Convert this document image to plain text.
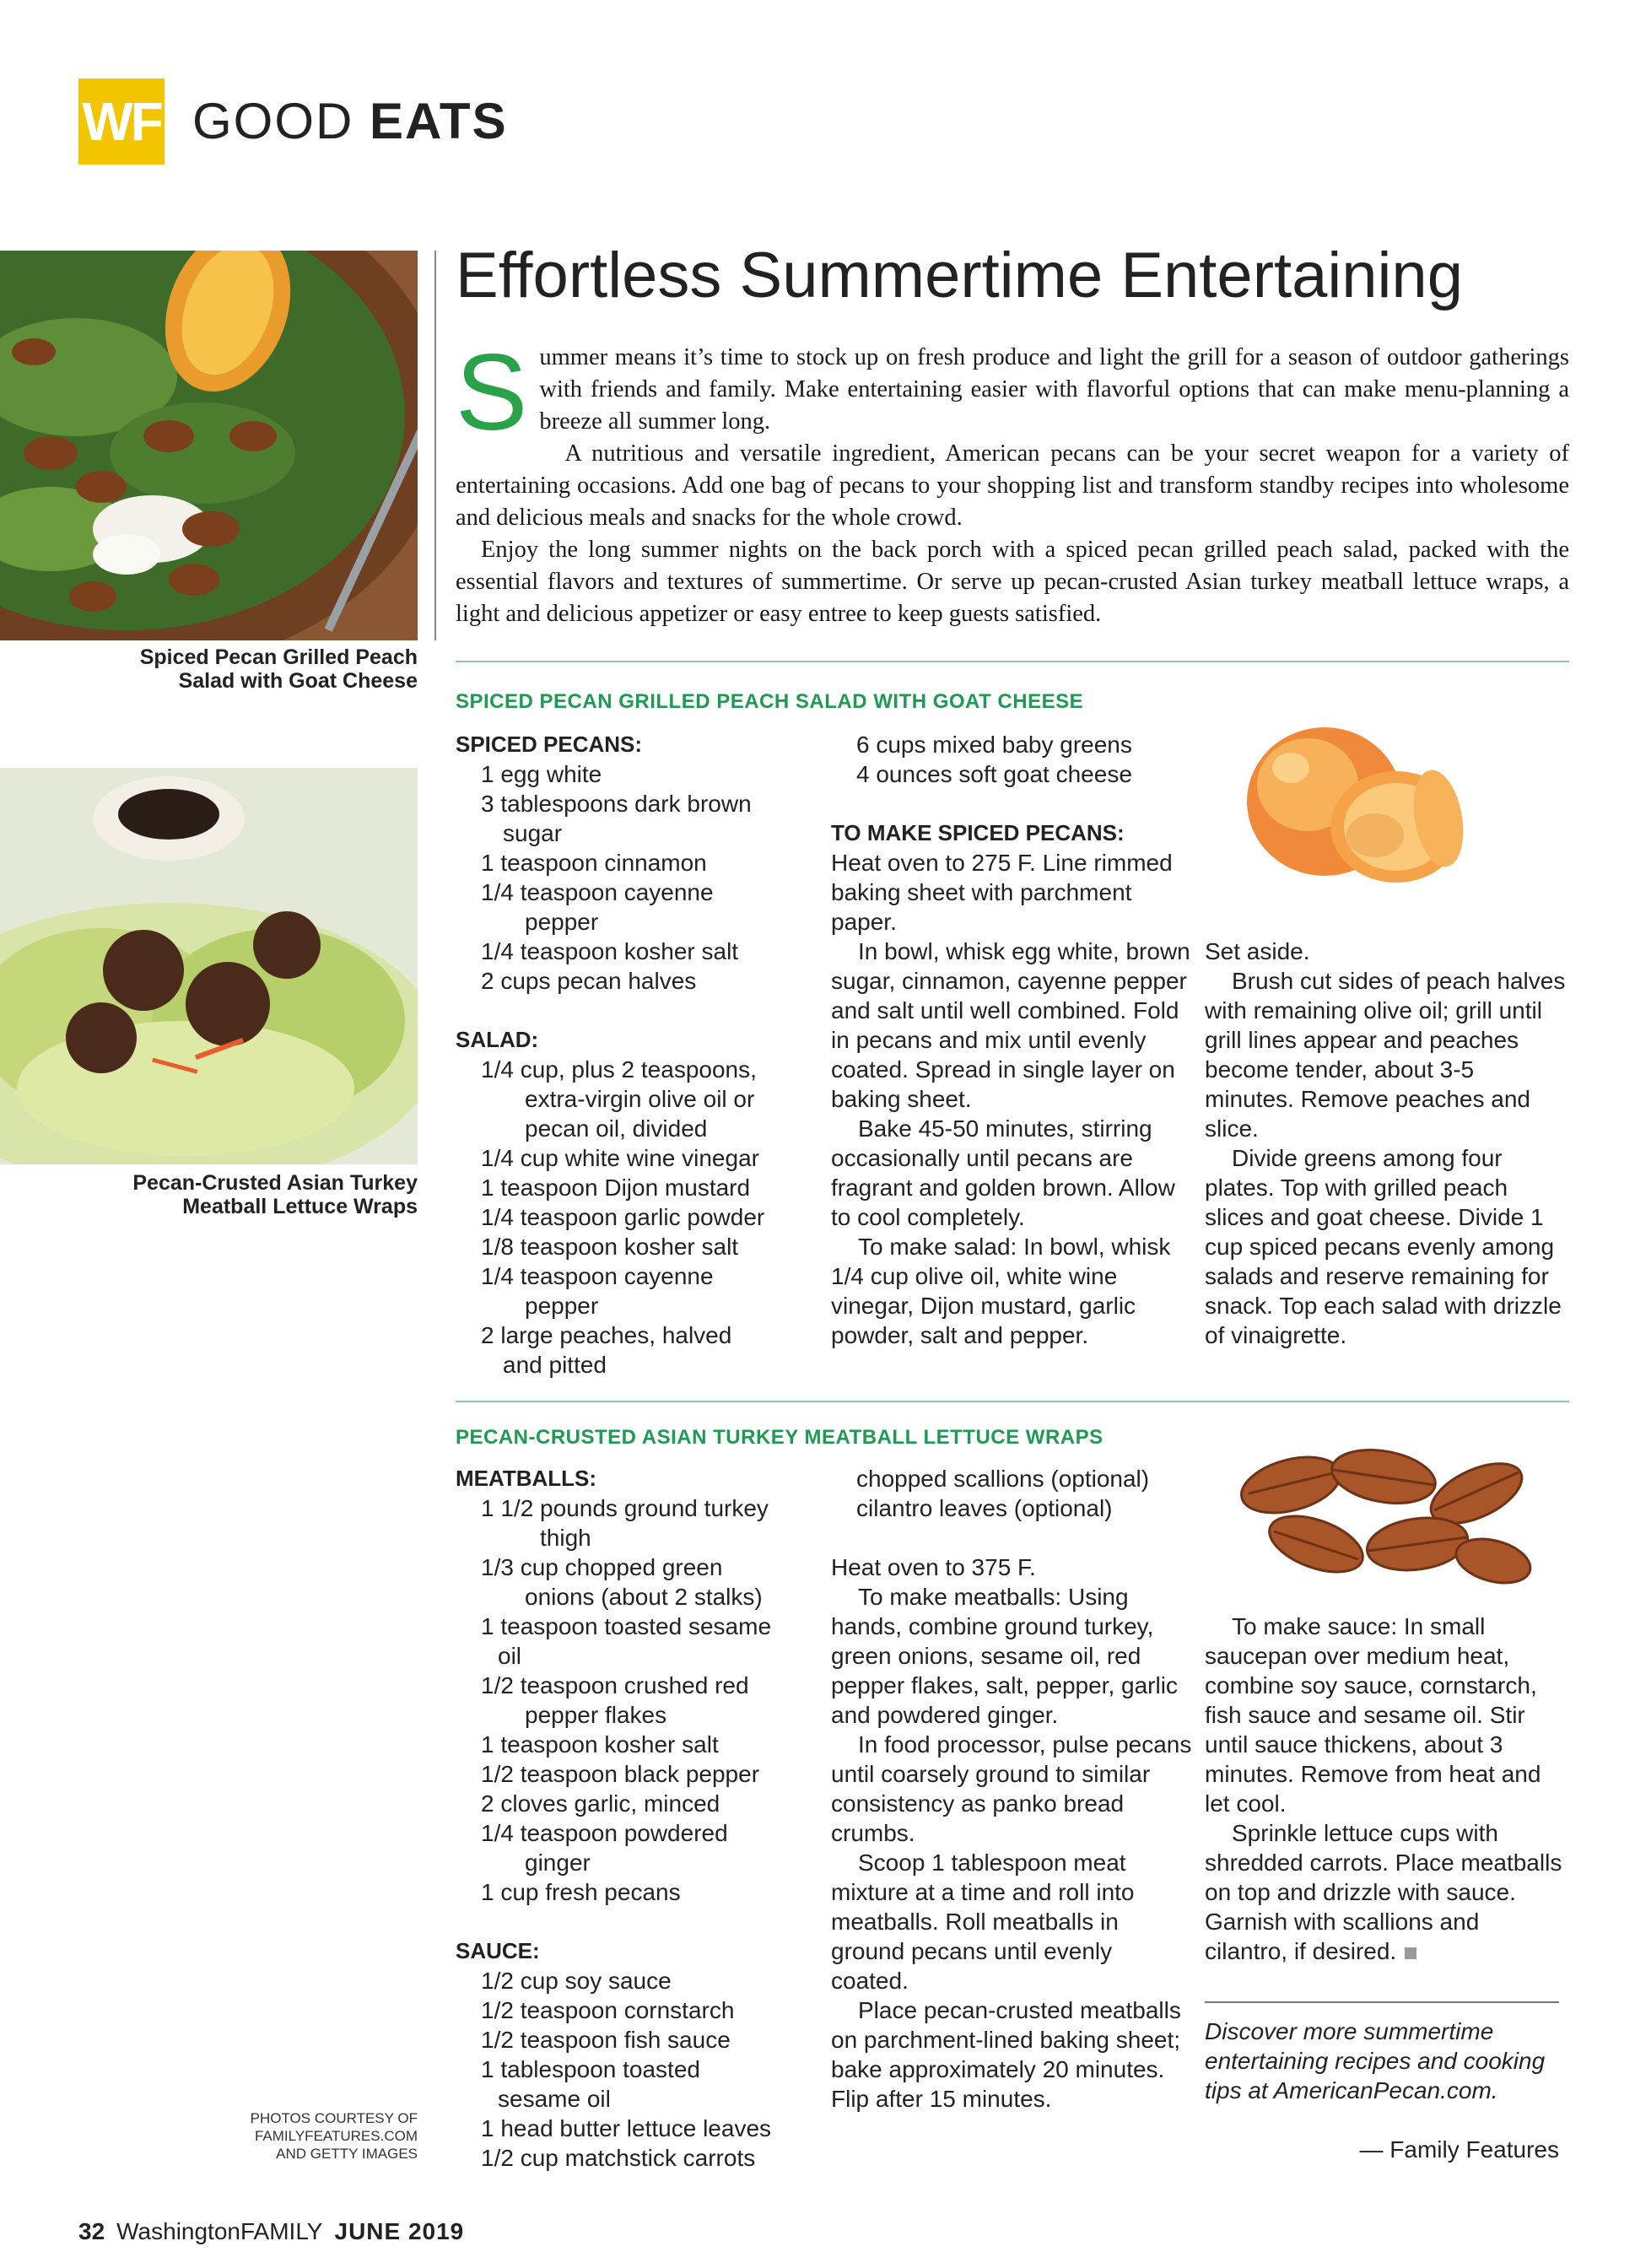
WF GOOD EATS
Spiced Pecan Grilled Peach
Salad with Goat Cheese
Pecan-Crusted Asian Turkey
Meatball Lettuce Wraps
PHOTOS COURTESY OF
FAMILYFEATURES.COM
AND GETTY IMAGES
Effortless Summertime Entertaining

Summer means it’s time to stock up on fresh produce and light the grill for a season of outdoor gatherings with friends and family. Make entertaining easier with flavorful options that can make menu-planning a breeze all summer long.

A nutritious and versatile ingredient, American pecans can be your secret weapon for a variety of entertaining occasions. Add one bag of pecans to your shopping list and transform standby recipes into wholesome and delicious meals and snacks for the whole crowd.

Enjoy the long summer nights on the back porch with a spiced pecan grilled peach salad, packed with the essential flavors and textures of summertime. Or serve up pecan-crusted Asian turkey meatball lettuce wraps, a light and delicious appetizer or easy entree to keep guests satisfied.

SPICED PECAN GRILLED PEACH SALAD WITH GOAT CHEESE
SPICED PECANS:
1 egg white
3 tablespoons dark brown
sugar
1 teaspoon cinnamon
1/4 teaspoon cayenne
pepper
1/4 teaspoon kosher salt
2 cups pecan halves
SALAD:
1/4 cup, plus 2 teaspoons,
extra-virgin olive oil or
pecan oil, divided
1/4 cup white wine vinegar
1 teaspoon Dijon mustard
1/4 teaspoon garlic powder
1/8 teaspoon kosher salt
1/4 teaspoon cayenne
pepper
2 large peaches, halved
and pitted
6 cups mixed baby greens
4 ounces soft goat cheese
TO MAKE SPICED PECANS:

Heat oven to 275 F. Line rimmed baking sheet with parchment paper.

In bowl, whisk egg white, brown sugar, cinnamon, cayenne pepper and salt until well combined. Fold in pecans and mix until evenly coated. Spread in single layer on baking sheet.

Bake 45-50 minutes, stirring occasionally until pecans are fragrant and golden brown. Allow to cool completely.

To make salad: In bowl, whisk 1/4 cup olive oil, white wine vinegar, Dijon mustard, garlic powder, salt and pepper.

Set aside.

Brush cut sides of peach halves with remaining olive oil; grill until grill lines appear and peaches become tender, about 3-5 minutes. Remove peaches and slice.

Divide greens among four plates. Top with grilled peach slices and goat cheese. Divide 1 cup spiced pecans evenly among salads and reserve remaining for snack. Top each salad with drizzle of vinaigrette.

PECAN-CRUSTED ASIAN TURKEY MEATBALL LETTUCE WRAPS
MEATBALLS:
1 1/2 pounds ground turkey
thigh
1/3 cup chopped green
onions (about 2 stalks)
1 teaspoon toasted sesame
oil
1/2 teaspoon crushed red
pepper flakes
1 teaspoon kosher salt
1/2 teaspoon black pepper
2 cloves garlic, minced
1/4 teaspoon powdered
ginger
1 cup fresh pecans
SAUCE:
1/2 cup soy sauce
1/2 teaspoon cornstarch
1/2 teaspoon fish sauce
1 tablespoon toasted
sesame oil
1 head butter lettuce leaves
1/2 cup matchstick carrots
chopped scallions (optional)
cilantro leaves (optional)

Heat oven to 375 F.

To make meatballs: Using hands, combine ground turkey, green onions, sesame oil, red pepper flakes, salt, pepper, garlic and powdered ginger.

In food processor, pulse pecans until coarsely ground to similar consistency as panko bread crumbs.

Scoop 1 tablespoon meat mixture at a time and roll into meatballs. Roll meatballs in ground pecans until evenly coated.

Place pecan-crusted meatballs on parchment-lined baking sheet; bake approximately 20 minutes. Flip after 15 minutes.

To make sauce: In small saucepan over medium heat, combine soy sauce, cornstarch, fish sauce and sesame oil. Stir until sauce thickens, about 3 minutes. Remove from heat and let cool.

Sprinkle lettuce cups with shredded carrots. Place meatballs on top and drizzle with sauce. Garnish with scallions and cilantro, if desired.

Discover more summertime entertaining recipes and cooking tips at AmericanPecan.com.
— Family Features
32 WashingtonFAMILY JUNE 2019
